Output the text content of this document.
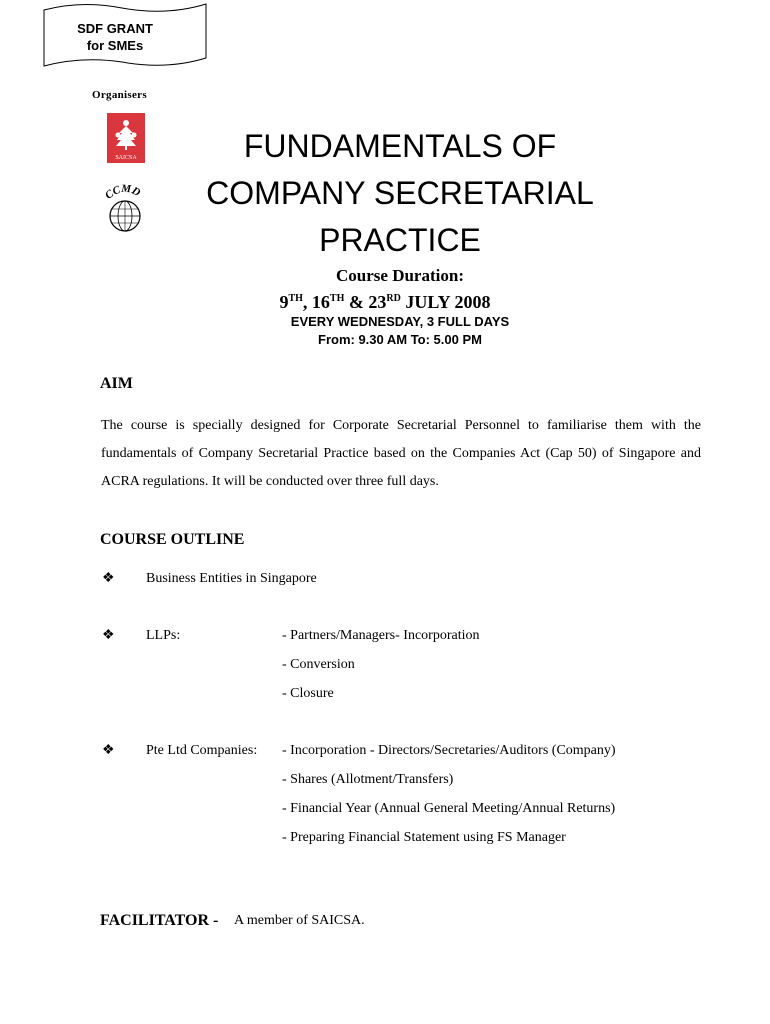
SDF GRANT
for SMEs
Organisers
SAICSA
CCMD
FUNDAMENTALS OF
COMPANY SECRETARIAL
PRACTICE
Course Duration:
9TH, 16TH & 23RD JULY 2008
EVERY WEDNESDAY, 3 FULL DAYS
From: 9.30 AM To: 5.00 PM
AIM
The course is specially designed for Corporate Secretarial Personnel to familiarise them with the fundamentals of Company Secretarial Practice based on the Companies Act (Cap 50) of Singapore and ACRA regulations. It will be conducted over three full days.
COURSE OUTLINE
❖ Business Entities in Singapore
❖ LLPs:	- Partners/Managers- Incorporation
- Conversion
- Closure
❖ Pte Ltd Companies: - Incorporation - Directors/Secretaries/Auditors (Company)
- Shares (Allotment/Transfers)
- Financial Year (Annual General Meeting/Annual Returns)
- Preparing Financial Statement using FS Manager
FACILITATOR - A member of SAICSA.
